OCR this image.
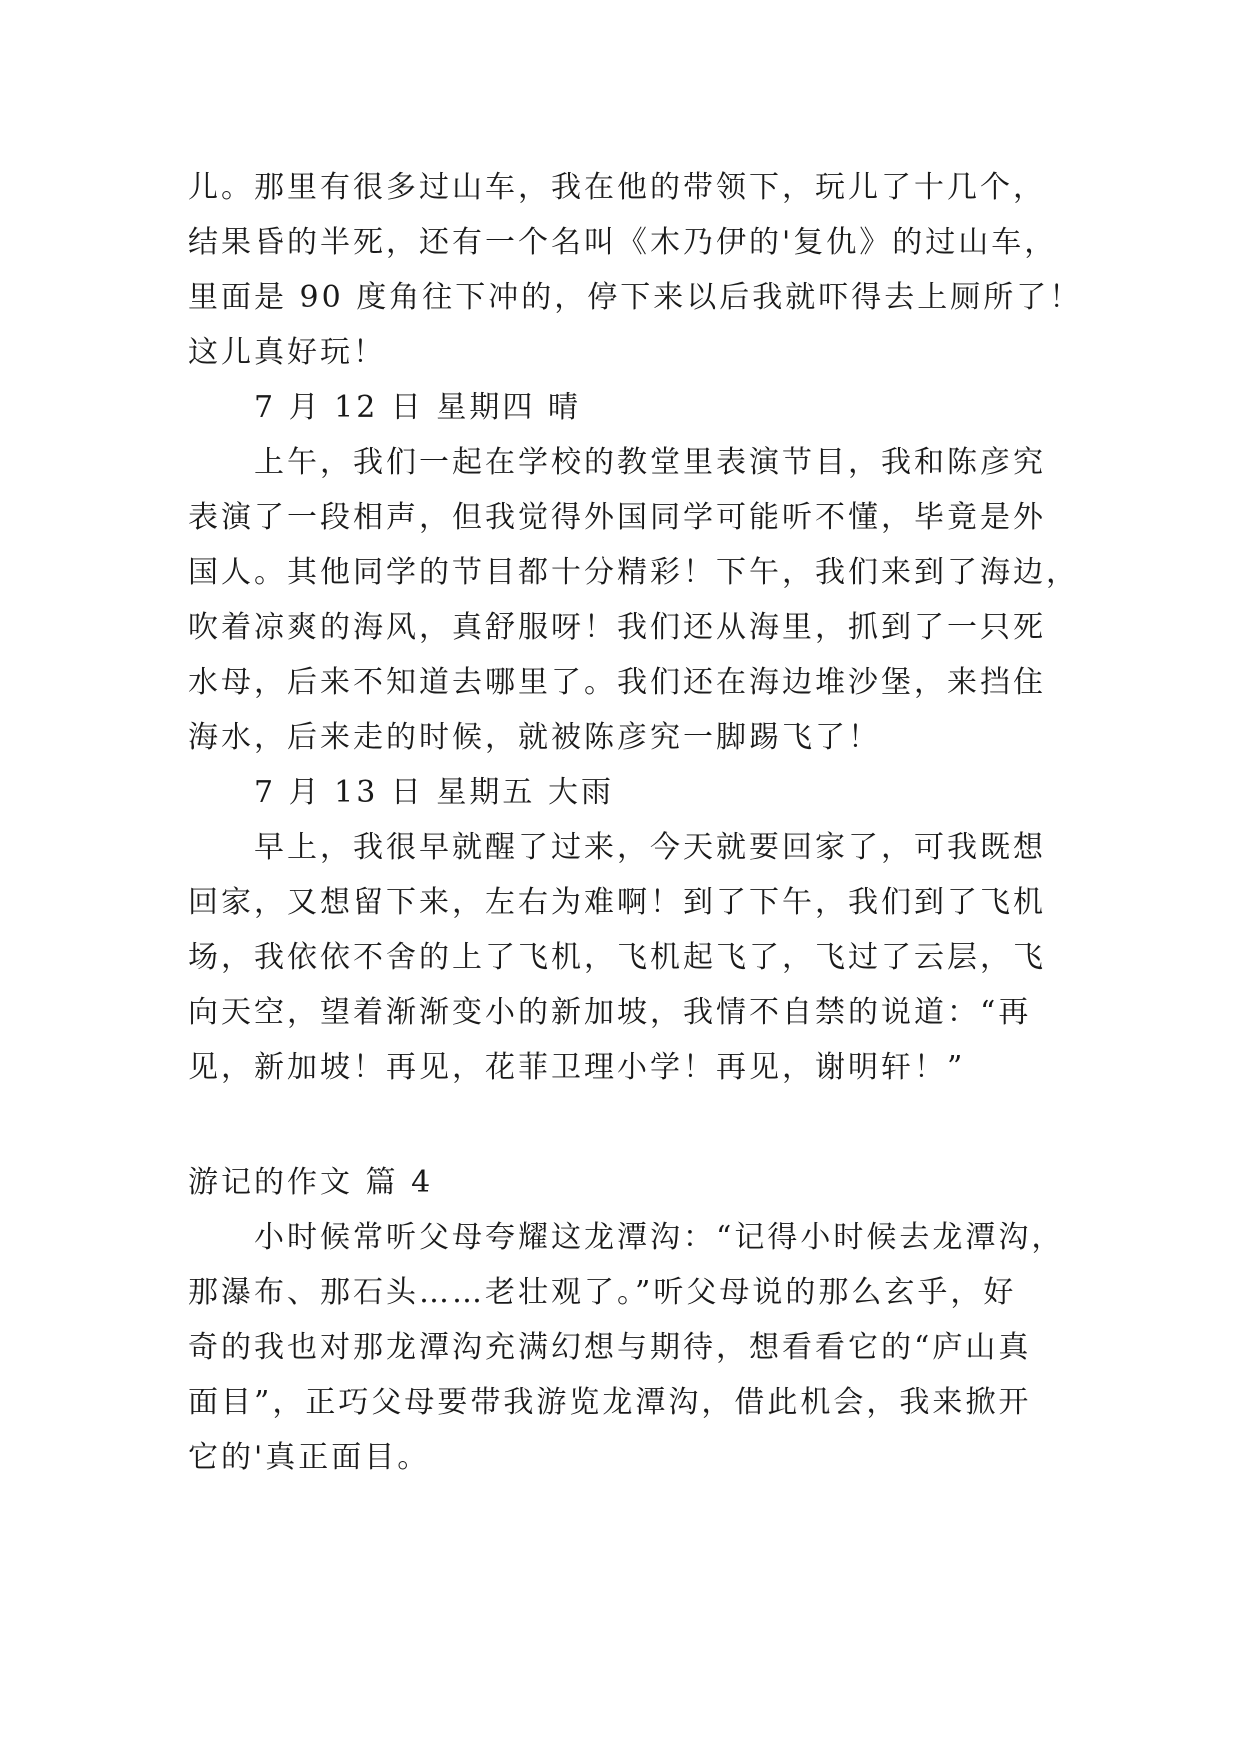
儿。那里有很多过山车，我在他的带领下，玩儿了十几个，
结果昏的半死，还有一个名叫《木乃伊的'复仇》的过山车，
里面是 90 度角往下冲的，停下来以后我就吓得去上厕所了！
这儿真好玩！
7 月 12 日 星期四 晴
上午，我们一起在学校的教堂里表演节目，我和陈彦究
表演了一段相声，但我觉得外国同学可能听不懂，毕竟是外
国人。其他同学的节目都十分精彩！下午，我们来到了海边，
吹着凉爽的海风，真舒服呀！我们还从海里，抓到了一只死
水母，后来不知道去哪里了。我们还在海边堆沙堡，来挡住
海水，后来走的时候，就被陈彦究一脚踢飞了！
7 月 13 日 星期五 大雨
早上，我很早就醒了过来，今天就要回家了，可我既想
回家，又想留下来，左右为难啊！到了下午，我们到了飞机
场，我依依不舍的上了飞机，飞机起飞了，飞过了云层，飞
向天空，望着渐渐变小的新加坡，我情不自禁的说道：“再
见，新加坡！再见，花菲卫理小学！再见，谢明轩！”
游记的作文 篇 4
小时候常听父母夸耀这龙潭沟：“记得小时候去龙潭沟，
那瀑布、那石头……老壮观了。”听父母说的那么玄乎，好
奇的我也对那龙潭沟充满幻想与期待，想看看它的“庐山真
面目”，正巧父母要带我游览龙潭沟，借此机会，我来掀开
它的'真正面目。
